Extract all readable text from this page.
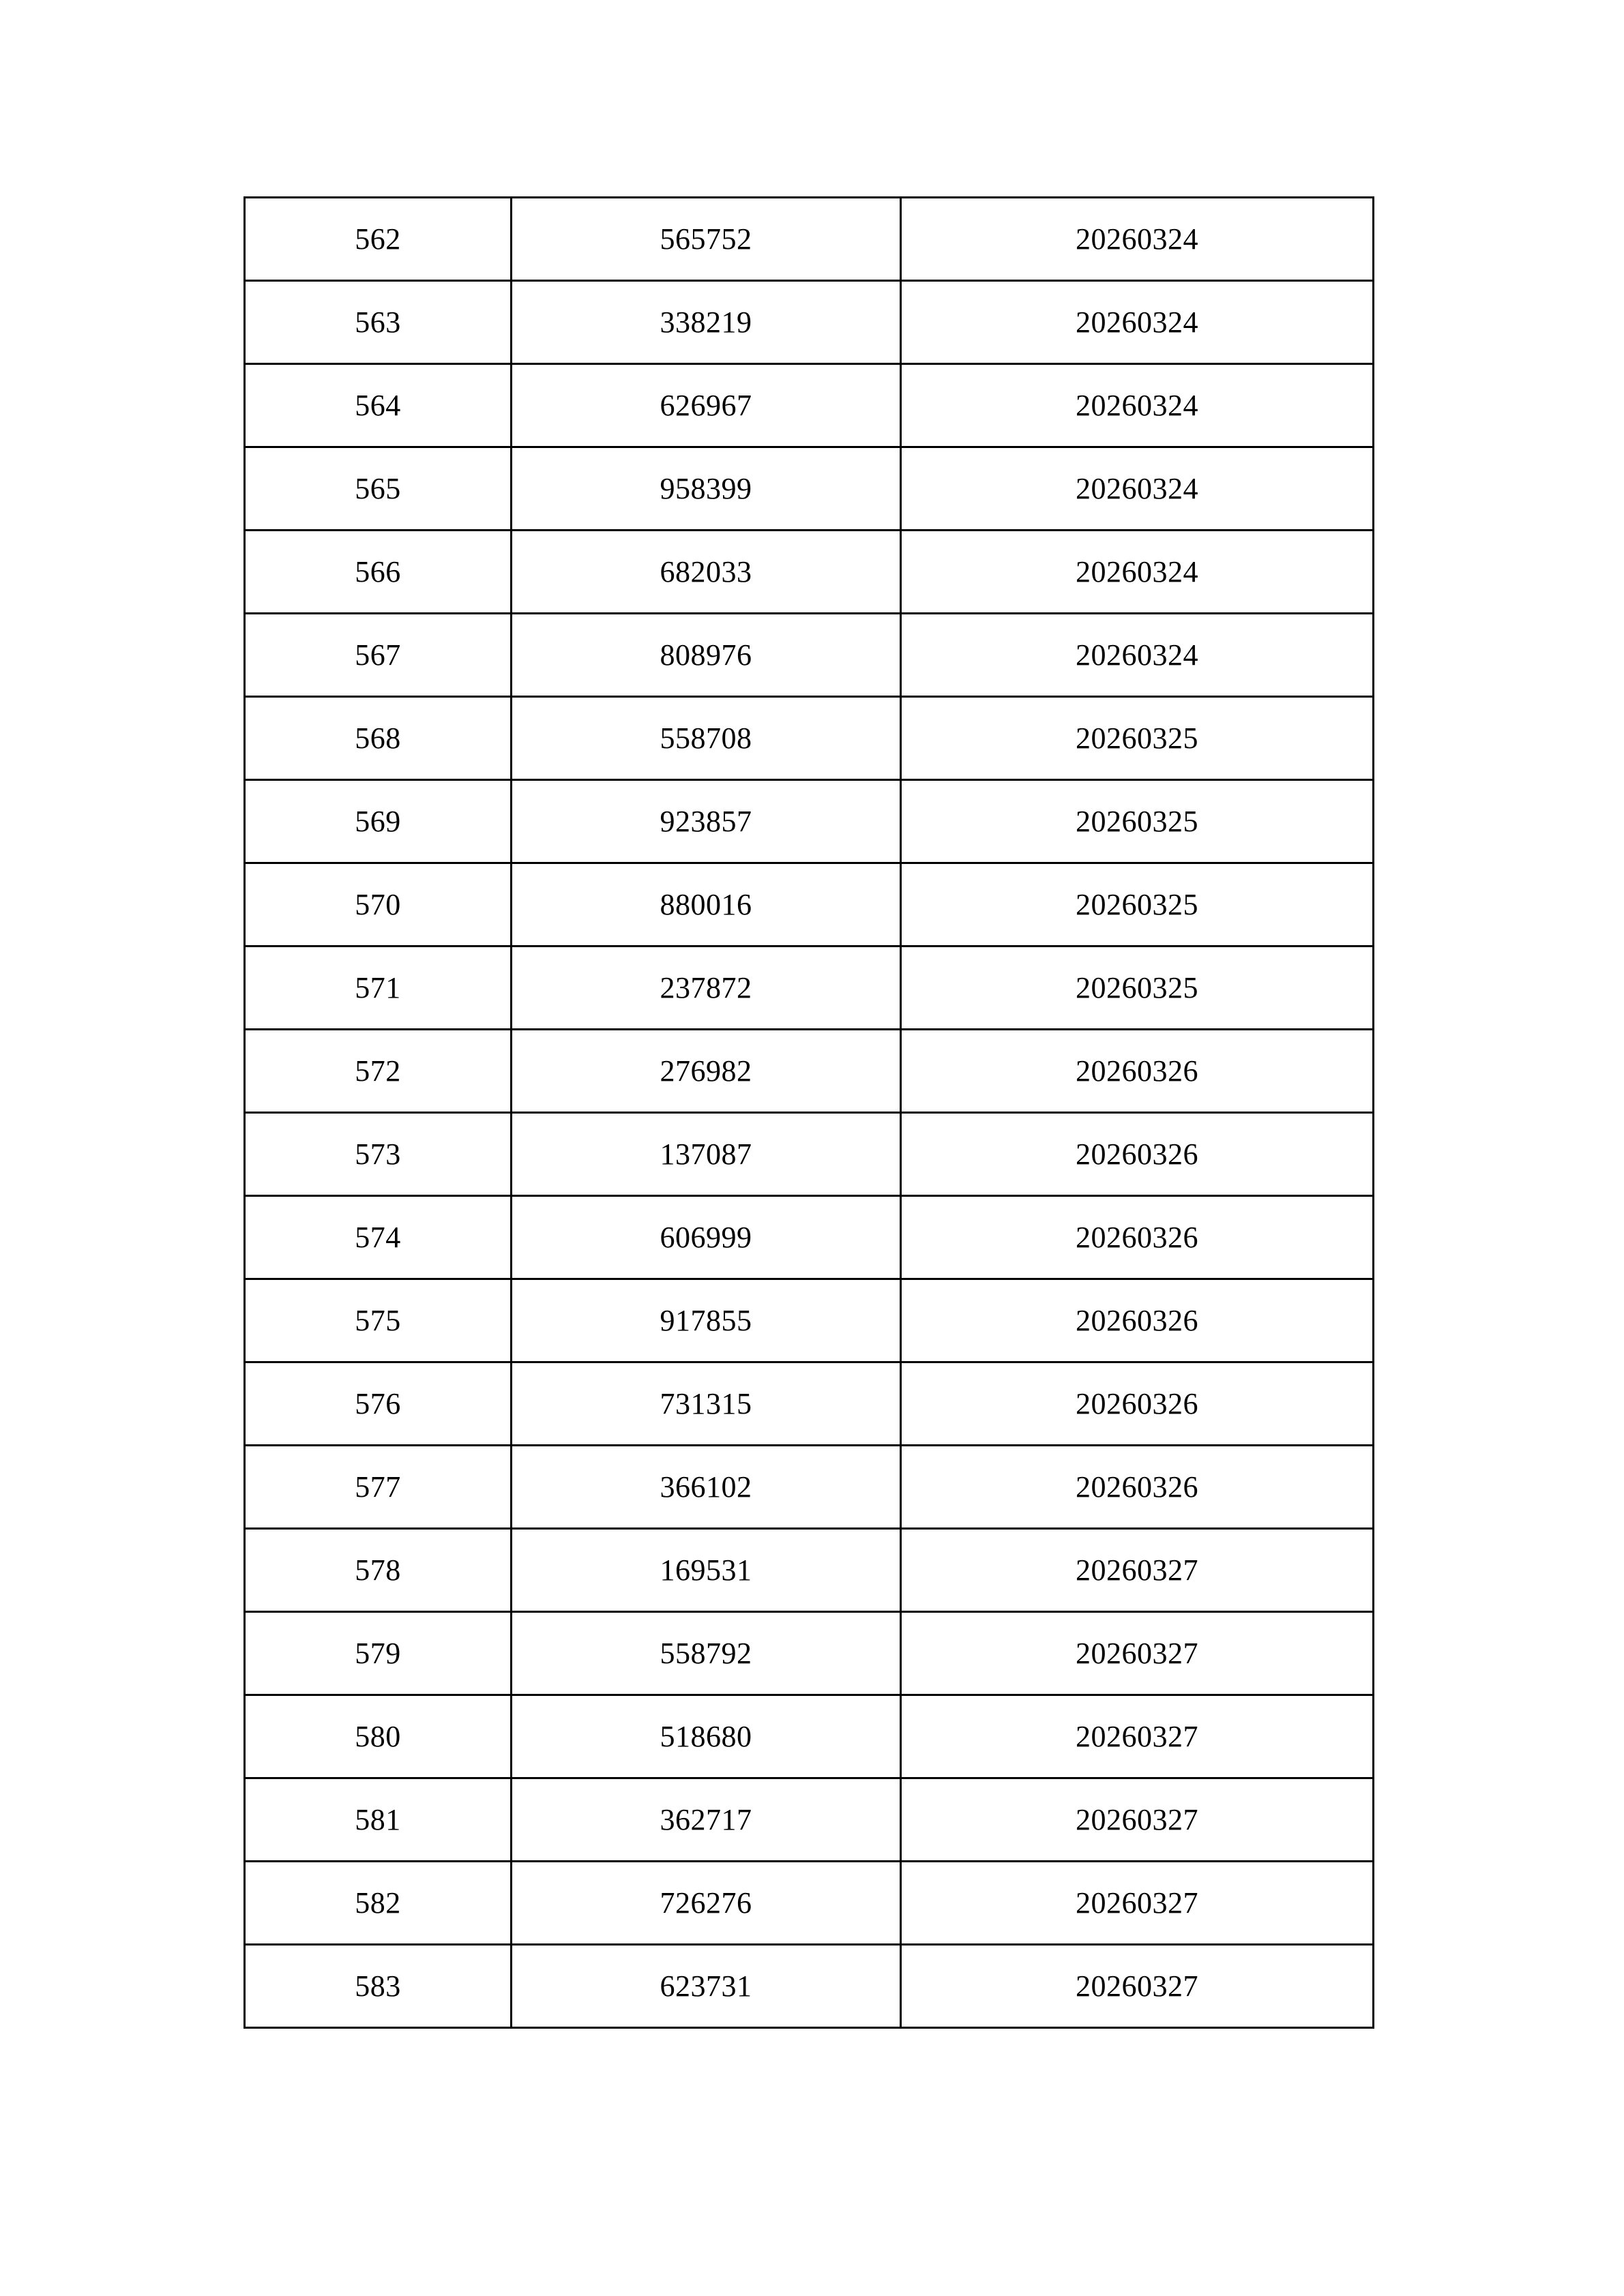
562	565752	20260324
563	338219	20260324
564	626967	20260324
565	958399	20260324
566	682033	20260324
567	808976	20260324
568	558708	20260325
569	923857	20260325
570	880016	20260325
571	237872	20260325
572	276982	20260326
573	137087	20260326
574	606999	20260326
575	917855	20260326
576	731315	20260326
577	366102	20260326
578	169531	20260327
579	558792	20260327
580	518680	20260327
581	362717	20260327
582	726276	20260327
583	623731	20260327
